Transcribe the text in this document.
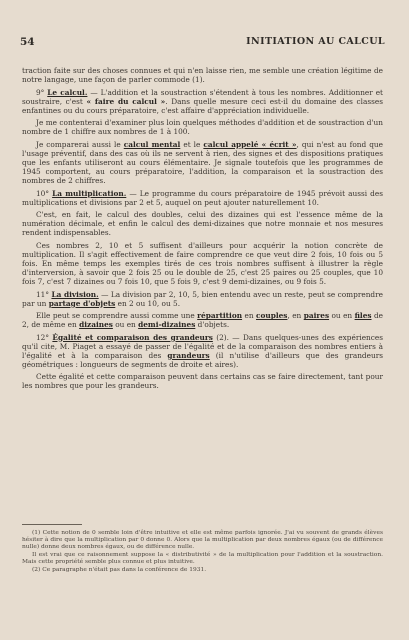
54	INITIATION AU CALCUL

traction faite sur des choses connues et qui n'en laisse rien, me semble une création légitime de notre langage, une façon de parler commode (1).

9° Le calcul. — L'addition et la soustraction s'étendent à tous les nombres. Additionner et soustraire, c'est « faire du calcul ». Dans quelle mesure ceci est-il du domaine des classes enfantines ou du cours préparatoire, c'est affaire d'appréciation individuelle.

Je me contenterai d'examiner plus loin quelques méthodes d'addition et de soustraction d'un nombre de 1 chiffre aux nombres de 1 à 100.

Je comparerai aussi le calcul mental et le calcul appelé « écrit », qui n'est au fond que l'usage préventif, dans des cas où ils ne servent à rien, des signes et des dispositions pratiques que les enfants utiliseront au cours élémentaire. Je signale toutefois que les programmes de 1945 comportent, au cours préparatoire, l'addition, la comparaison et la soustraction des nombres de 2 chiffres.

10° La multiplication. — Le programme du cours préparatoire de 1945 prévoit aussi des multiplications et divisions par 2 et 5, auquel on peut ajouter naturellement 10.

C'est, en fait, le calcul des doubles, celui des dizaines qui est l'essence même de la numération décimale, et enfin le calcul des demi-dizaines que notre monnaie et nos mesures rendent indispensables.

Ces nombres 2, 10 et 5 suffisent d'ailleurs pour acquérir la notion concrète de multiplication. Il s'agit effectivement de faire comprendre ce que veut dire 2 fois, 10 fois ou 5 fois. En même temps les exemples tirés de ces trois nombres suffisent à illustrer la règle d'interversion, à savoir que 2 fois 25 ou le double de 25, c'est 25 paires ou 25 couples, que 10 fois 7, c'est 7 dizaines ou 7 fois 10, que 5 fois 9, c'est 9 demi-dizaines, ou 9 fois 5.

11° La division. — La division par 2, 10, 5, bien entendu avec un reste, peut se comprendre par un partage d'objets en 2 ou 10, ou 5.

Elle peut se comprendre aussi comme une répartition en couples, en paires ou en files de 2, de même en dizaines ou en demi-dizaines d'objets.

12° Égalité et comparaison des grandeurs (2). — Dans quelques-unes des expériences qu'il cite, M. Piaget a essayé de passer de l'égalité et de la comparaison des nombres entiers à l'égalité et à la comparaison des grandeurs (il n'utilise d'ailleurs que des grandeurs géométriques : longueurs de segments de droite et aires).

Cette égalité et cette comparaison peuvent dans certains cas se faire directement, tant pour les nombres que pour les grandeurs.

(1) Cette notion de 0 semble loin d'être intuitive et elle est même parfois ignorée. J'ai vu souvent de grands élèves hésiter à dire que la multiplication par 0 donne 0. Alors que la multiplication par deux nombres égaux (ou de différence nulle) donne deux nombres égaux, ou de différence nulle.

Il est vrai que ce raisonnement suppose la « distributivité » de la multiplication pour l'addition et la soustraction. Mais cette propriété semble plus connue et plus intuitive.

(2) Ce paragraphe n'était pas dans la conférence de 1931.
